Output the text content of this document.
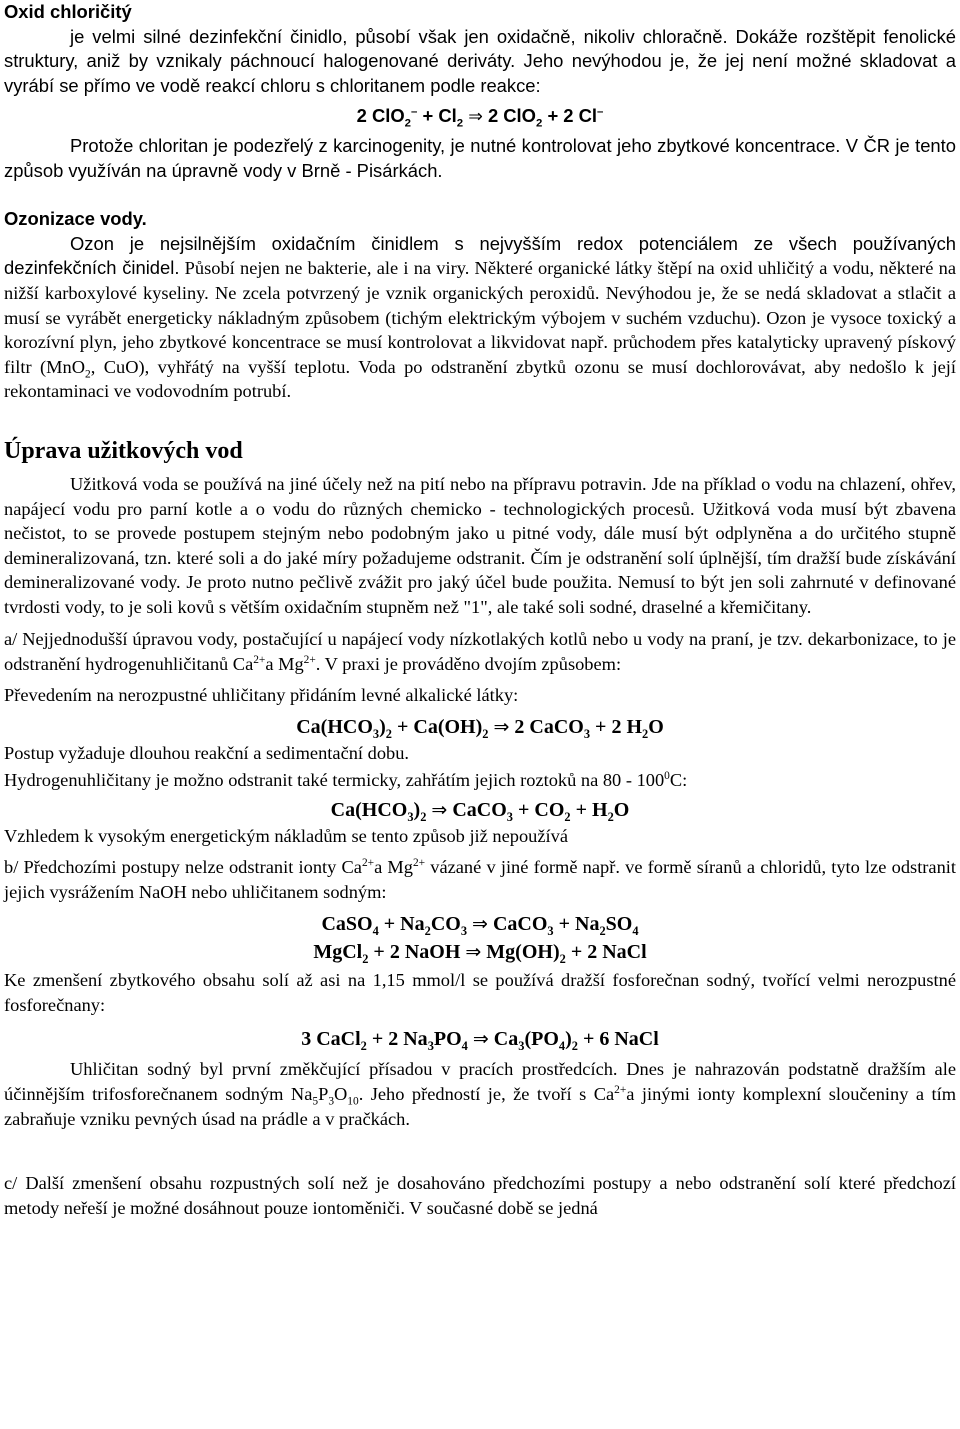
Oxid chloričitý

je velmi silné dezinfekční činidlo, působí však jen oxidačně, nikoliv chloračně. Dokáže rozštěpit fenolické struktury, aniž by vznikaly páchnoucí halogenované deriváty. Jeho nevýhodou je, že jej není možné skladovat a vyrábí se přímo ve vodě reakcí chloru s chloritanem podle reakce:

2 $ClO_2^- + Cl_2$ ⇒ 2 ClO$_2$ + 2 Cl–

Protože chloritan je podezřelý z karcinogenity, je nutné kontrolovat jeho zbytkové koncentrace. V ČR je tento způsob využíván na úpravně vody v Brně - Pisárkách.

Ozonizace vody.

Ozon je nejsilnějším oxidačním činidlem s nejvyšším redox potenciálem ze všech používaných dezinfekčních činidel. Působí nejen ne bakterie, ale i na viry. Některé organické látky štěpí na oxid uhličitý a vodu, některé na nižší karboxylové kyseliny. Ne zcela potvrzený je vznik organických peroxidů. Nevýhodou je, že se nedá skladovat a stlačit a musí se vyrábět energeticky nákladným způsobem (tichým elektrickým výbojem v suchém vzduchu). Ozon je vysoce toxický a korozívní plyn, jeho zbytkové koncentrace se musí kontrolovat a likvidovat např. průchodem přes katalyticky upravený pískový filtr (MnO$_2$, CuO), vyhřátý na vyšší teplotu. Voda po odstranění zbytků ozonu se musí dochlorovávat, aby nedošlo k její rekontaminaci ve vodovodním potrubí.

Úprava užitkových vod

Užitková voda se používá na jiné účely než na pití nebo na přípravu potravin. Jde na příklad o vodu na chlazení, ohřev, napájecí vodu pro parní kotle a o vodu do různých chemicko - technologických procesů. Užitková voda musí být zbavena nečistot, to se provede postupem stejným nebo podobným jako u pitné vody, dále musí být odplyněna a do určitého stupně demineralizovaná, tzn. které soli a do jaké míry požadujeme odstranit. Čím je odstranění solí úplnější, tím dražší bude získávání demineralizované vody. Je proto nutno pečlivě zvážit pro jaký účel bude použita. Nemusí to být jen soli zahrnuté v definované tvrdosti vody, to je soli kovů s větším oxidačním stupněm než "1", ale také soli sodné, draselné a křemičitany.

a/ Nejjednodušší úpravou vody, postačující u napájecí vody nízkotlakých kotlů nebo u vody na praní, je tzv. dekarbonizace, to je odstranění hydrogenuhličitanů $Ca^{2+}a$ $Mg^{2+}$. V praxi je prováděno dvojím způsobem:

Převedením na nerozpustné uhličitany přidáním levné alkalické látky:

$Ca(HCO_3)_2 + Ca(OH)_2$ ⇒ 2 CaCO$_3$ + 2 $H_2O$

Postup vyžaduje dlouhou reakční a sedimentační dobu.

Hydrogenuhličitany je možno odstranit také termicky, zahřátím jejich roztoků na $80 - 100^0C$:

$Ca(HCO_3)_2$ ⇒ CaCO$_3$ + $CO_2 + H_2O$

Vzhledem k vysokým energetickým nákladům se tento způsob již nepoužívá

b/ Předchozími postupy nelze odstranit ionty $Ca^{2+}a$ $Mg^{2+}$ vázané v jiné formě např. ve formě síranů a chloridů, tyto lze odstranit jejich vysrážením NaOH nebo uhličitanem sodným:

CaSO$_4$ + $Na_2CO_3$ ⇒ CaCO$_3$ + $Na_2SO_4$

MgCl$_2$ + 2 NaOH ⇒ $Mg(OH)_2 + 2$ NaCl

Ke zmenšení zbytkového obsahu solí až asi na 1,15 mmol/l se používá dražší fosforečnan sodný, tvořící velmi nerozpustné fosforečnany:

3 CaCl$_2$ + 2 $Na_3PO_4$ ⇒ $Ca_3(PO_4)_2 + 6$ NaCl

Uhličitan sodný byl první změkčující přísadou v pracích prostředcích. Dnes je nahrazován podstatně dražším ale účinnějším trifosforečnanem sodným $Na_5P_3O_{10}$. Jeho předností je, že tvoří s $Ca^{2+}a$ jinými ionty komplexní sloučeniny a tím zabraňuje vzniku pevných úsad na prádle a v pračkách.

c/ Další zmenšení obsahu rozpustných solí než je dosahováno předchozími postupy a nebo odstranění solí které předchozí metody neřeší je možné dosáhnout pouze iontoměniči. V současné době se jedná
